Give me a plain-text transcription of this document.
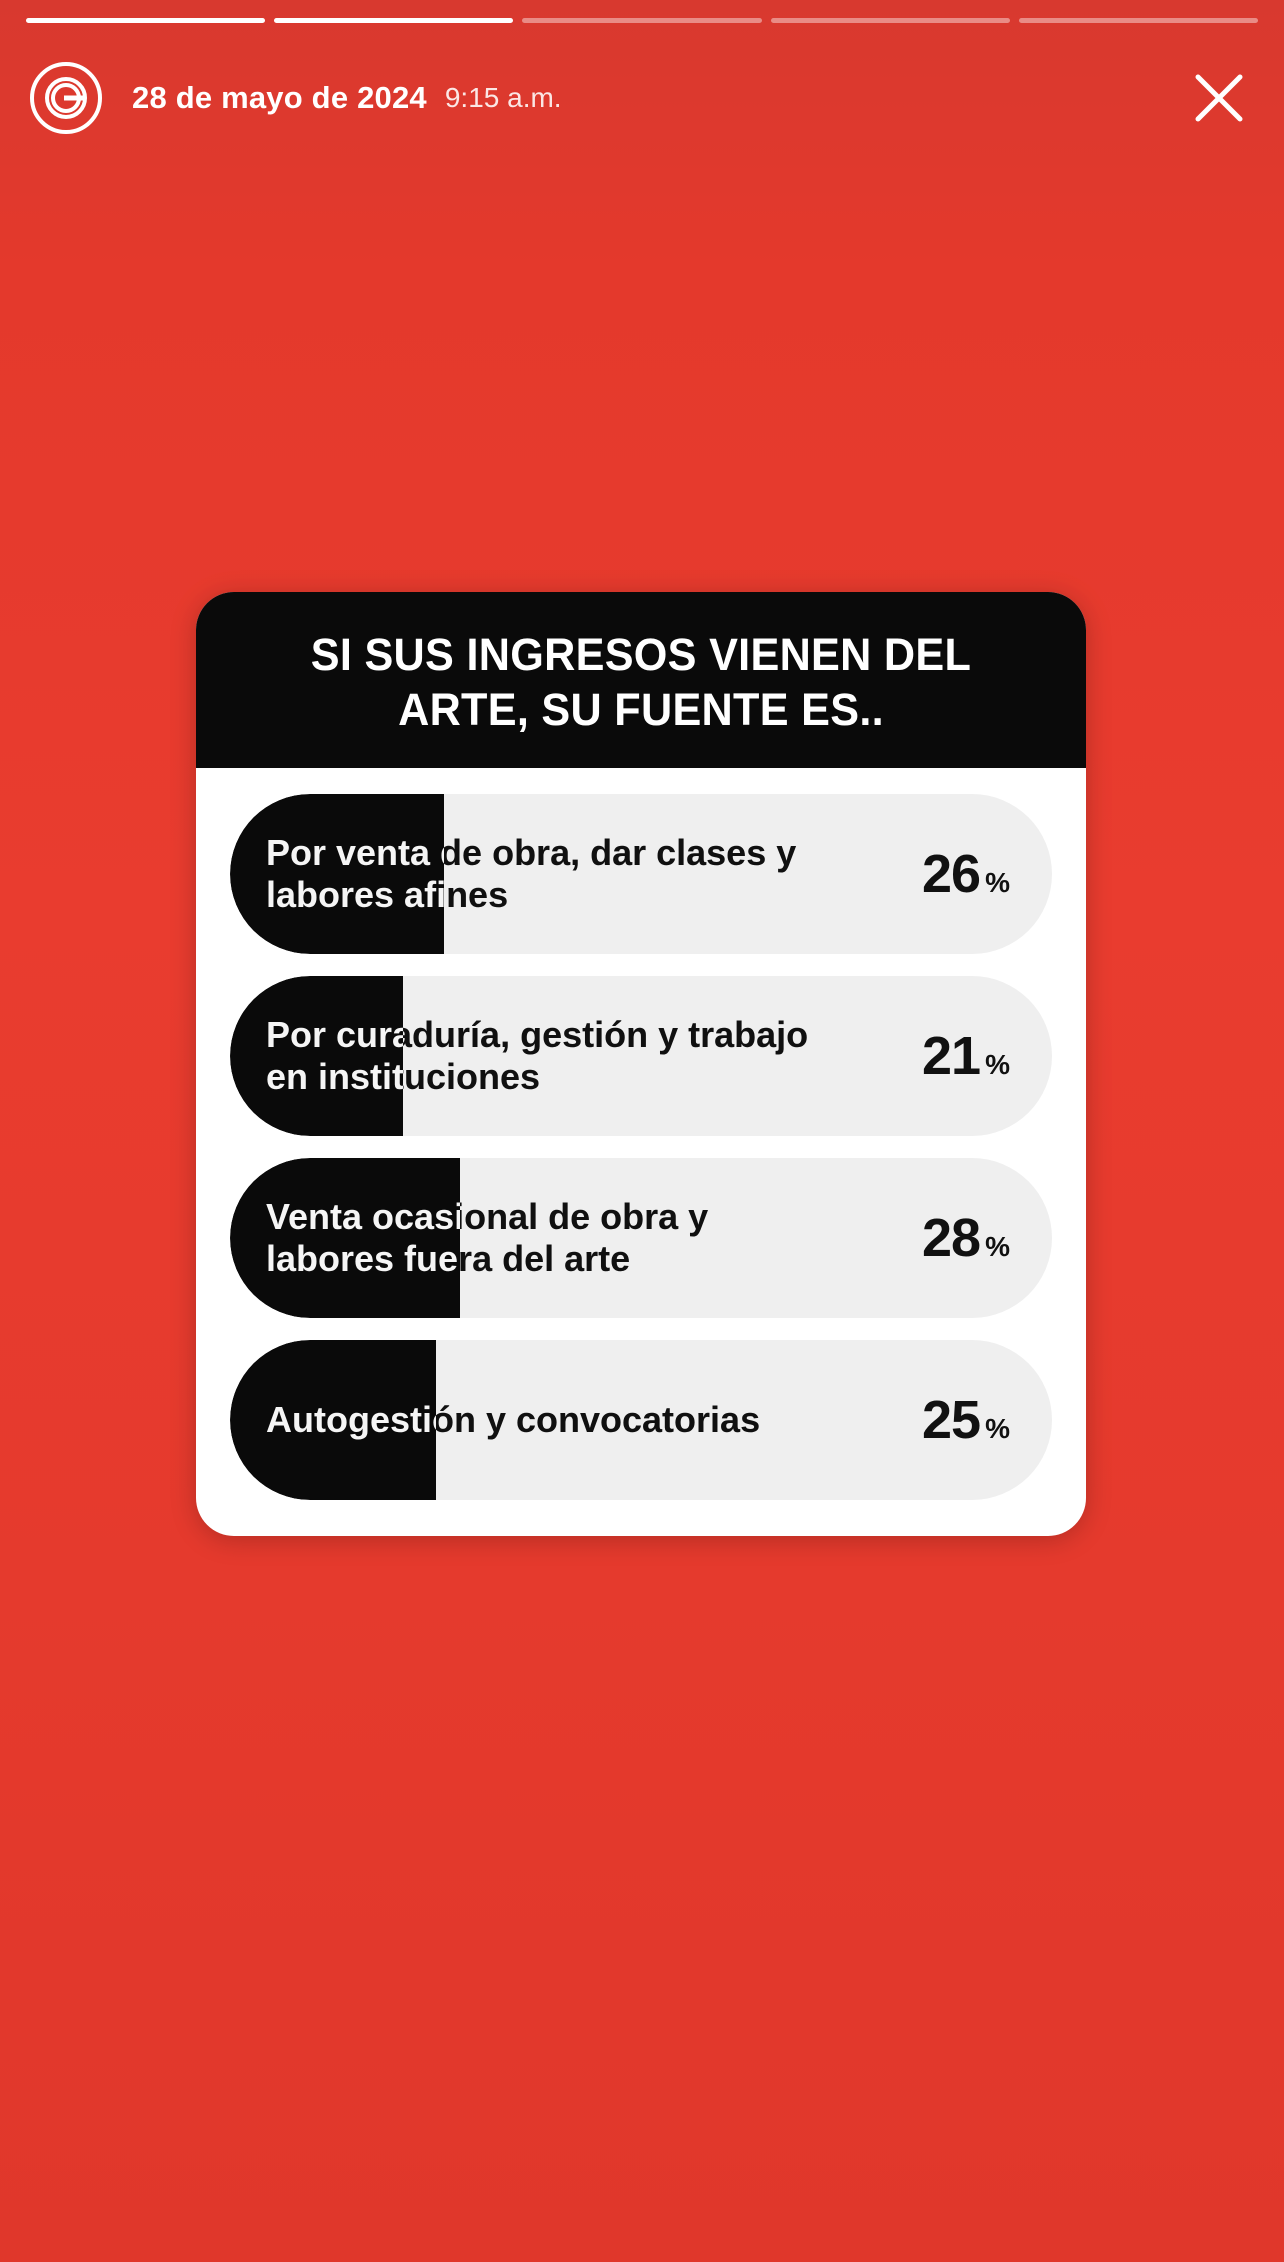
28 de mayo de 2024 9:15 a.m.
SI SUS INGRESOS VIENEN DEL ARTE, SU FUENTE ES..
Por venta de obra, dar clases y labores afines	26 %
Por curaduría, gestión y trabajo en instituciones	21 %
Venta ocasional de obra y labores fuera del arte	28 %
Autogestión y convocatorias	25 %
